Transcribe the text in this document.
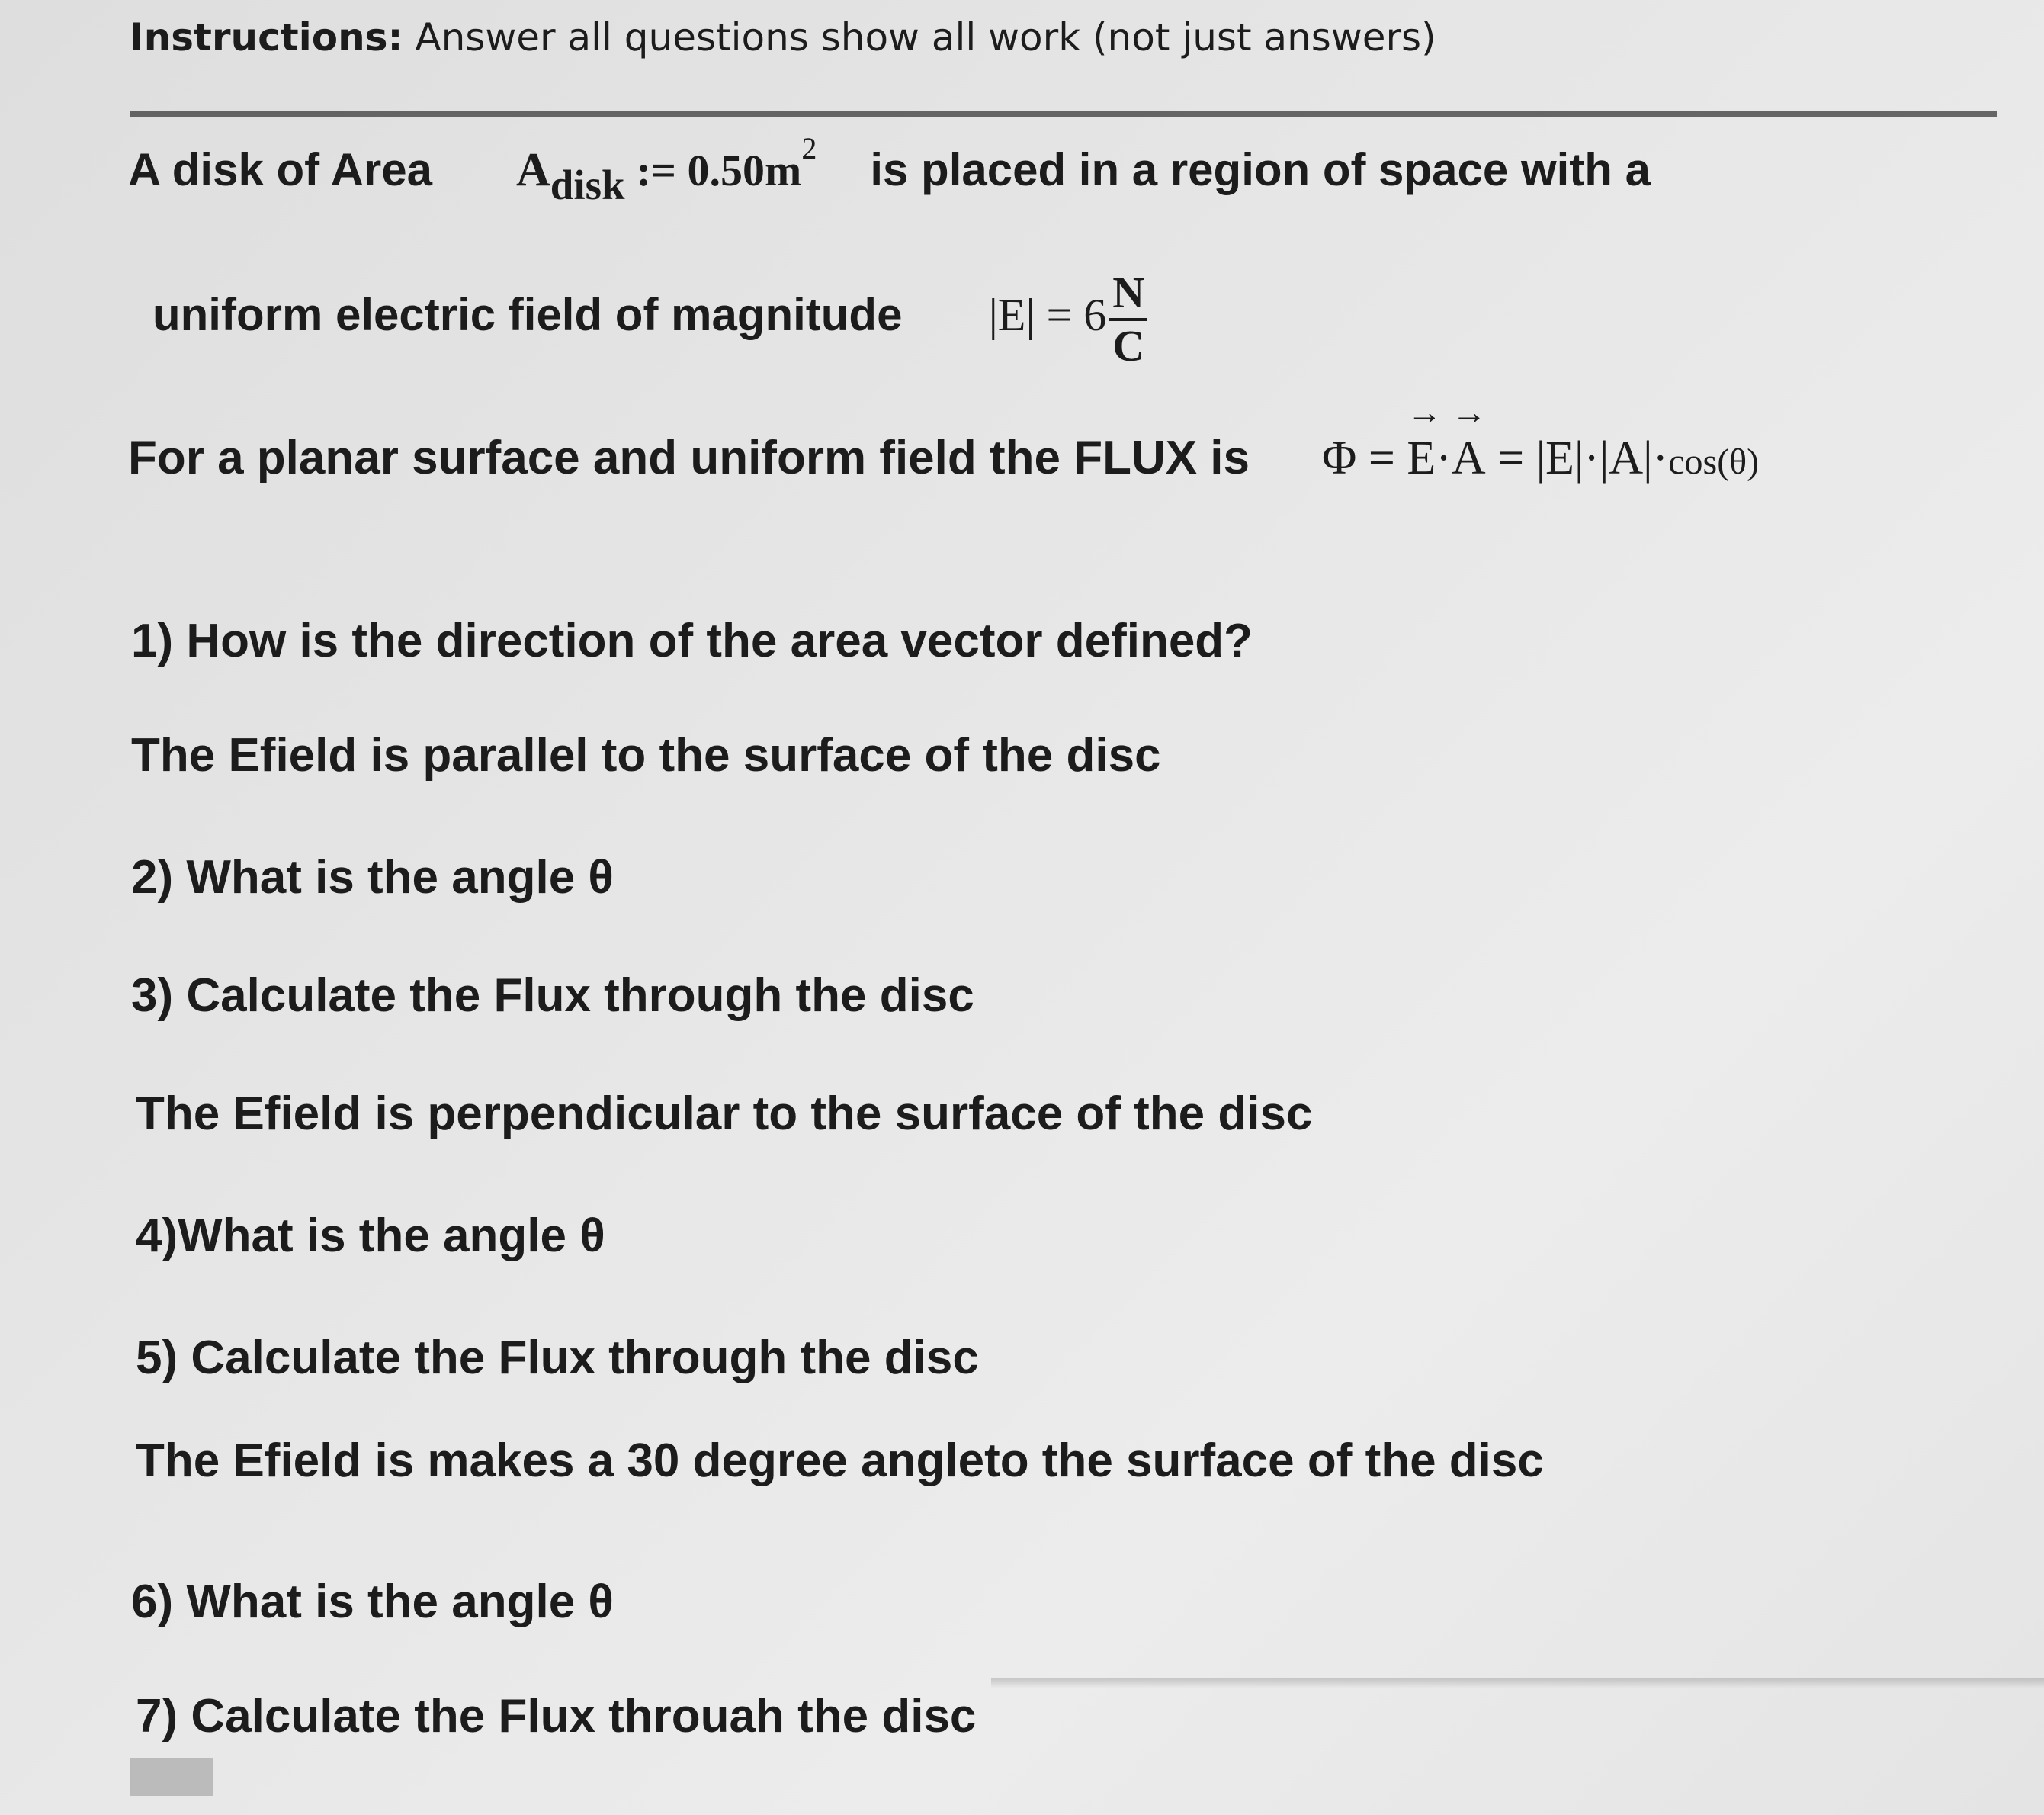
Instructions: Answer all questions show all work (not just answers)
A disk of Area Adisk := $0.50m^2$ is placed in a region of space with a
uniform electric field of magnitude $|E| = 6 \frac{N}{C}$
For a planar surface and uniform field the FLUX is Φ = → E·→ A = |E|·|A|·cos(θ)
1) How is the direction of the area vector defined?
The Efield is parallel to the surface of the disc
2) What is the angle θ
3) Calculate the Flux through the disc
The Efield is perpendicular to the surface of the disc
4)What is the angle θ
5) Calculate the Flux through the disc
The Efield is makes a 30 degree angleto the surface of the disc
6) What is the angle θ
7) Calculate the Flux throuah the disc
